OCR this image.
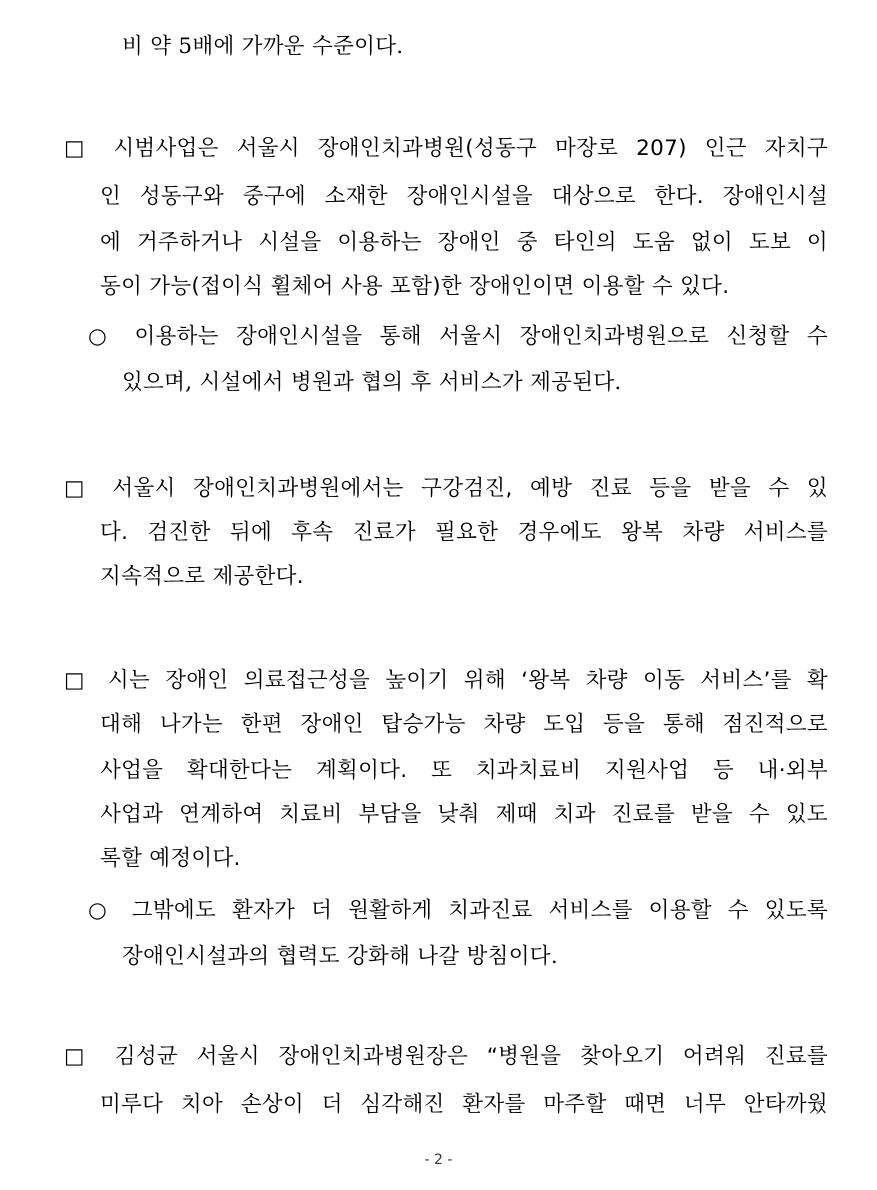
비 약 5배에 가까운 수준이다.
□ 시범사업은 서울시 장애인치과병원(성동구 마장로 207) 인근 자치구
인 성동구와 중구에 소재한 장애인시설을 대상으로 한다. 장애인시설
에 거주하거나 시설을 이용하는 장애인 중 타인의 도움 없이 도보 이
동이 가능(접이식 휠체어 사용 포함)한 장애인이면 이용할 수 있다.
○ 이용하는 장애인시설을 통해 서울시 장애인치과병원으로 신청할 수
있으며, 시설에서 병원과 협의 후 서비스가 제공된다.
□ 서울시 장애인치과병원에서는 구강검진, 예방 진료 등을 받을 수 있
다. 검진한 뒤에 후속 진료가 필요한 경우에도 왕복 차량 서비스를
지속적으로 제공한다.
□ 시는 장애인 의료접근성을 높이기 위해 ‘왕복 차량 이동 서비스’를 확
대해 나가는 한편 장애인 탑승가능 차량 도입 등을 통해 점진적으로
사업을 확대한다는 계획이다. 또 치과치료비 지원사업 등 내·외부
사업과 연계하여 치료비 부담을 낮춰 제때 치과 진료를 받을 수 있도
록할 예정이다.
○ 그밖에도 환자가 더 원활하게 치과진료 서비스를 이용할 수 있도록
장애인시설과의 협력도 강화해 나갈 방침이다.
□ 김성균 서울시 장애인치과병원장은 “병원을 찾아오기 어려워 진료를
미루다 치아 손상이 더 심각해진 환자를 마주할 때면 너무 안타까웠
- 2 -
